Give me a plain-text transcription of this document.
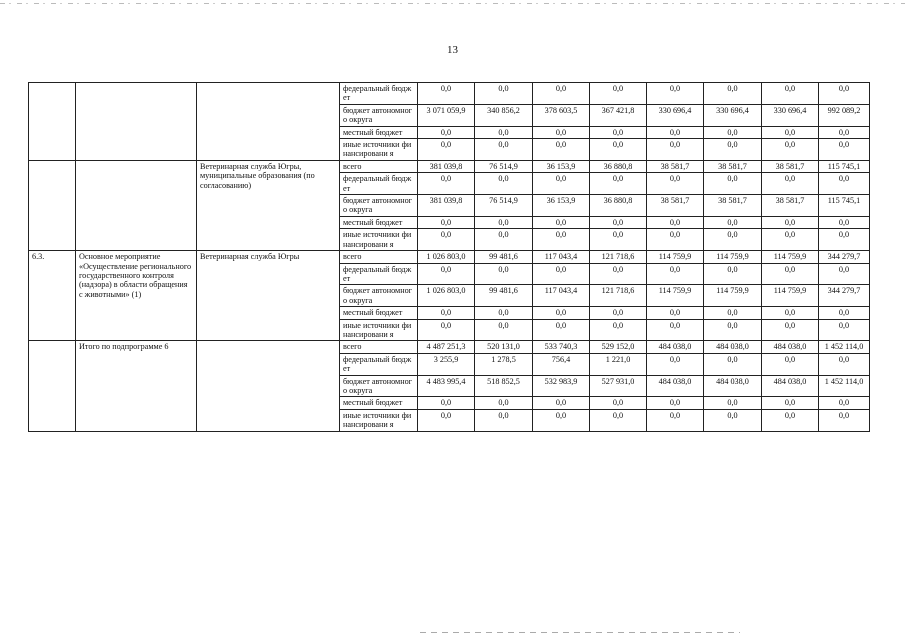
13
			федеральный бюджет	0,0	0,0	0,0	0,0	0,0	0,0	0,0	0,0
			бюджет автономного округа	3 071 059,9	340 856,2	378 603,5	367 421,8	330 696,4	330 696,4	330 696,4	992 089,2
			местный бюджет	0,0	0,0	0,0	0,0	0,0	0,0	0,0	0,0
			иные источники финансировани я	0,0	0,0	0,0	0,0	0,0	0,0	0,0	0,0
		Ветеринарная служба Югры, муниципальные образования (по согласованию)	всего	381 039,8	76 514,9	36 153,9	36 880,8	38 581,7	38 581,7	38 581,7	115 745,1
			федеральный бюджет	0,0	0,0	0,0	0,0	0,0	0,0	0,0	0,0
			бюджет автономного округа	381 039,8	76 514,9	36 153,9	36 880,8	38 581,7	38 581,7	38 581,7	115 745,1
			местный бюджет	0,0	0,0	0,0	0,0	0,0	0,0	0,0	0,0
			иные источники финансировани я	0,0	0,0	0,0	0,0	0,0	0,0	0,0	0,0
6.3.	Основное мероприятие «Осуществление регионального государственного контроля (надзора) в области обращения с животными» (1)	Ветеринарная служба Югры	всего	1 026 803,0	99 481,6	117 043,4	121 718,6	114 759,9	114 759,9	114 759,9	344 279,7
			федеральный бюджет	0,0	0,0	0,0	0,0	0,0	0,0	0,0	0,0
			бюджет автономного округа	1 026 803,0	99 481,6	117 043,4	121 718,6	114 759,9	114 759,9	114 759,9	344 279,7
			местный бюджет	0,0	0,0	0,0	0,0	0,0	0,0	0,0	0,0
			иные источники финансировани я	0,0	0,0	0,0	0,0	0,0	0,0	0,0	0,0
	Итого по подпрограмме 6		всего	4 487 251,3	520 131,0	533 740,3	529 152,0	484 038,0	484 038,0	484 038,0	1 452 114,0
			федеральный бюджет	3 255,9	1 278,5	756,4	1 221,0	0,0	0,0	0,0	0,0
			бюджет автономного округа	4 483 995,4	518 852,5	532 983,9	527 931,0	484 038,0	484 038,0	484 038,0	1 452 114,0
			местный бюджет	0,0	0,0	0,0	0,0	0,0	0,0	0,0	0,0
			иные источники финансировани я	0,0	0,0	0,0	0,0	0,0	0,0	0,0	0,0
